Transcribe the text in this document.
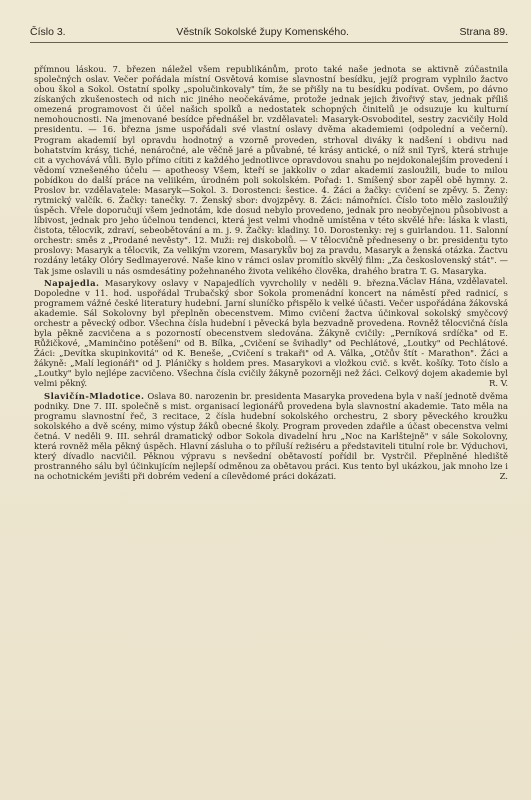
Číslo 3.	Věstník Sokolské župy Komenského.	Strana 89.

přímnou láskou. 7. březen náležel všem republikánům, proto také naše jednota se aktivně zúčastnila společných oslav. Večer pořádala místní Osvětová komise slavnostní besídku, jejíž program vyplnilo žactvo obou škol a Sokol. Ostatní spolky „spolučinkovaly" tím, že se přišly na tu besídku podívat. Ovšem, po dávno získaných zkušenostech od nich nic jiného neočekáváme, protože jednak jejich živořivý stav, jednak příliš omezená programovost či účel našich spolků a nedostatek schopných činitelů je odsuzuje ku kulturní nemohoucnosti. Na jmenované besídce přednášel br. vzdělavatel: Masaryk-Osvoboditel, sestry zacvičily Hold presidentu. — 16. března jsme uspořádali své vlastní oslavy dvěma akademiemi (odpolední a večerní). Program akademií byl opravdu hodnotný a vzorně proveden, strhoval diváky k nadšení i obdivu nad bohatstvím krásy, tiché, nenáročné, ale věčně jaré a půvabné, té krásy antické, o níž snil Tyrš, která strhuje cit a vychovává vůli. Bylo přímo cítiti z každého jednotlivce opravdovou snahu po nejdokonalejším provedení i vědomí vznešeného účelu — apotheosy Všem, kteří se jakkoliv o zdar akademií zasloužili, bude to milou pobídkou do další práce na veliikém, úrodném poli sokolském. Pořad: 1. Smíšený sbor zapěl obě hymny. 2. Proslov br. vzdělavatele: Masaryk—Sokol. 3. Dorostenci: šestice. 4. Žáci a žačky: cvičení se zpěvy. 5. Ženy: rytmický valčík. 6. Žačky: tanečky. 7. Ženský sbor: dvojzpěvy. 8. Žáci: námořníci. Číslo toto mělo zasloužilý úspěch. Vřele doporučují všem jednotám, kde dosud nebylo provedeno, jednak pro neobyčejnou působivost a líbivost, jednak pro jeho účelnou tendenci, která jest velmi vhodně umístěna v této skvělé hře: láska k vlasti, čistota, tělocvik, zdraví, sebeobětování a m. j. 9. Žačky: kladiny. 10. Dorostenky: rej s guirlandou. 11. Salonní orchestr: směs z „Prodané nevěsty". 12. Muži: rej diskobolů. — V tělocvičně předneseny o br. presidentu tyto proslovy: Masaryk a tělocvik, Za velikým vzorem, Masarykův boj za pravdu, Masaryk a ženská otázka. Žactvu rozdány letáky Olóry Sedlmayerové. Naše kino v rámci oslav promítlo skvělý film: „Za československý stát". — Tak jsme oslavili u nás osmdesátiny požehnaného života velikého člověka, drahého bratra T. G. Masaryka.
Václav Hána, vzdělavatel.

Napajedla. Masarykovy oslavy v Napajedlích vyvrcholily v neděli 9. března. Dopoledne v 11. hod. uspořádal Trubačský sbor Sokola promenádní koncert na náměstí před radnicí, s programem vážné české literatury hudební. Jarní sluníčko přispělo k velké účasti. Večer uspořádána žákovská akademie. Sál Sokolovny byl přeplněn obecenstvem. Mimo cvičení žactva účinkoval sokolský smyčcový orchestr a pěvecký odbor. Všechna čísla hudební i pěvecká byla bezvadně provedena. Rovněž tělocvičná čísla byla pěkně zacvičena a s pozorností obecenstvem sledována. Žákyně cvičily: „Perníková srdíčka" od E. Růžičkové, „Maminčino potěšení" od B. Bílka, „Cvičení se švihadly" od Pechlátové, „Loutky" od Pechlátové. Žáci: „Devítka skupinkovitá" od K. Beneše, „Cvičení s trakaři" od A. Válka, „Otčův štít - Marathon". Žáci a žákyně: „Malí legionáři" od J. Pláničky s holdem pres. Masarykovi a vložkou cvič. s květ. košíky. Toto číslo a „Loutky" bylo nejlépe zacvičeno. Všechna čísla cvičily žákyně pozorněji než žáci. Celkový dojem akademie byl velmi pěkný.	R. V.

Slavičín-Mladotice. Oslava 80. narozenin br. presidenta Masaryka provedena byla v naší jednotě dvěma podniky. Dne 7. III. společně s mist. organisací legionářů provedena byla slavnostní akademie. Tato měla na programu slavnostní řeč, 3 recitace, 2 čísla hudební sokolského orchestru, 2 sbory pěveckého kroužku sokolského a dvě scény, mimo výstup žáků obecné školy. Program proveden zdařile a účast obecenstva velmi četná. V neděli 9. III. sehrál dramatický odbor Sokola divadelní hru „Noc na Karlštejně" v sále Sokolovny, která rovněž měla pěkný úspěch. Hlavní zásluha o to příluší režiséru a představiteli titulní role br. Výduchovi, který dívadlo nacvičil. Pěknou výpravu s nevšední obětavostí pořídil br. Vystrčil. Přeplněné hlediště prostranného sálu byl účinkujícím nejlepší odměnou za obětavou práci. Kus tento byl ukázkou, jak mnoho lze i na ochotnickém jevišti při dobrém vedení a cílevědomé práci dokázati.	Z.
